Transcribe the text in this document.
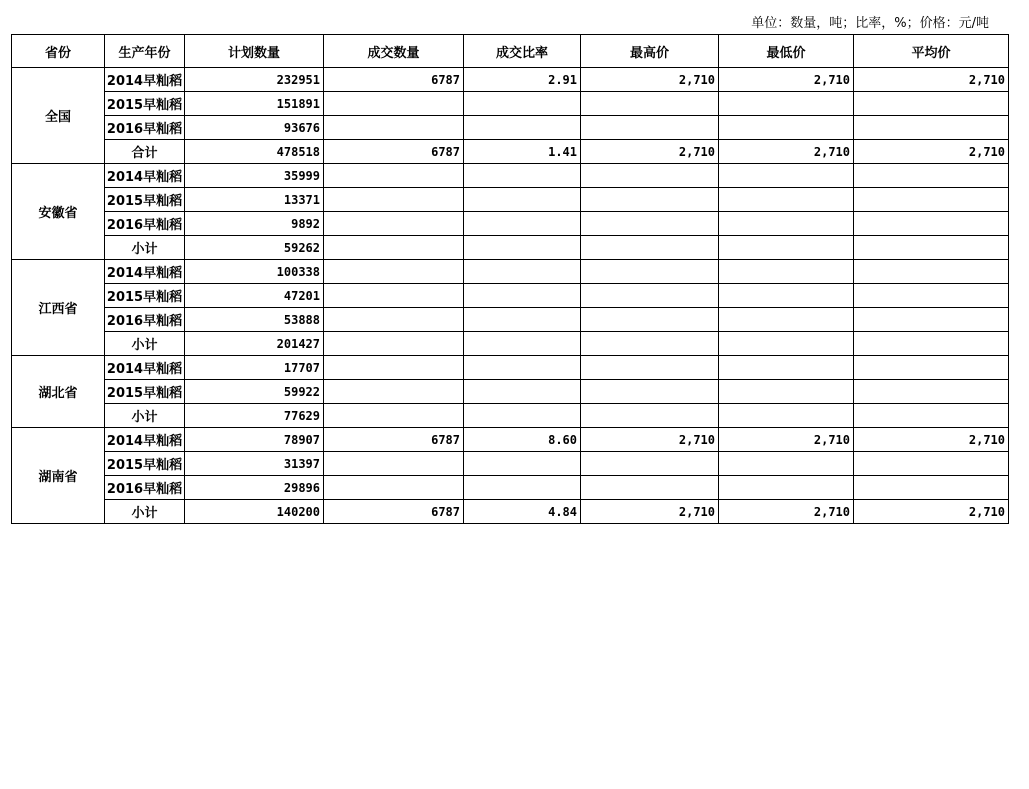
单位：数量，吨；比率，%；价格：元/吨
省份	生产年份	计划数量	成交数量	成交比率	最高价	最低价	平均价
全国	2014早籼稻	232951	6787	2.91	2,710	2,710	2,710
	2015早籼稻	151891					
	2016早籼稻	93676					
	合计	478518	6787	1.41	2,710	2,710	2,710
安徽省	2014早籼稻	35999					
	2015早籼稻	13371					
	2016早籼稻	9892					
	小计	59262					
江西省	2014早籼稻	100338					
	2015早籼稻	47201					
	2016早籼稻	53888					
	小计	201427					
湖北省	2014早籼稻	17707					
	2015早籼稻	59922					
	小计	77629					
湖南省	2014早籼稻	78907	6787	8.60	2,710	2,710	2,710
	2015早籼稻	31397					
	2016早籼稻	29896					
	小计	140200	6787	4.84	2,710	2,710	2,710
